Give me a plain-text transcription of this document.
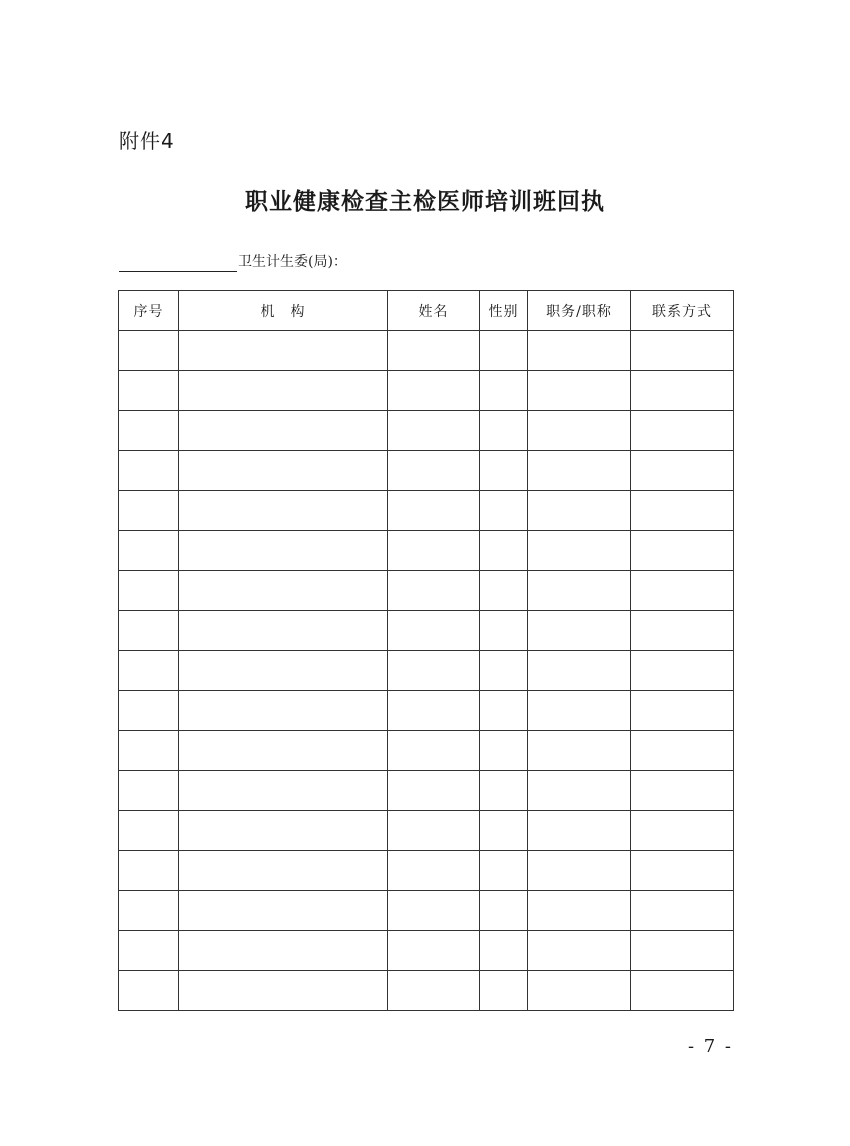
附件4
职业健康检查主检医师培训班回执
卫生计生委(局)：
序号	机　构	姓名	性别	职务/职称	联系方式

- 7 -
